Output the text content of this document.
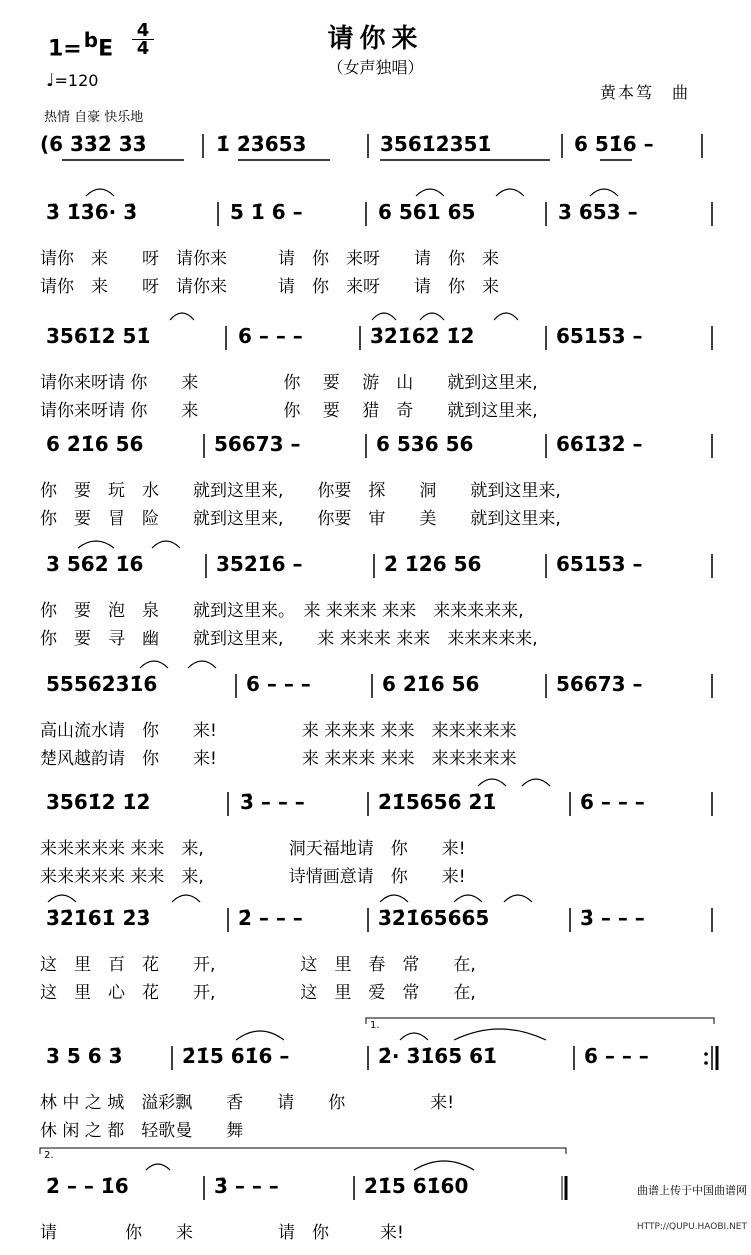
1= $^b$E
4
4	请你来
（女声独唱）
♩=120
黄本笃　曲
热情 自豪 快乐地
(6 3̇3̇2̇ 3̇3̇	1̇ 2̇3̇653	3561̇2̇351̇	6 51̇6 –
3̇ 1̇3̇6· 3̇	5 1̇ 6 –	6 561 65	3 653 –
请你　来　　呀　请你来　　　请　你　来呀　　请　你　来
请你　来　　呀　请你来　　　请　你　来呀　　请　你　来
3561̇2 51̇	6 – – –	3̇2̇1̇62̇ 1̇2̇	65153 –
请你来呀请 你　　来　　　　　你　 要　 游　山　　就到这里来,
请你来呀请 你　　来　　　　　你　 要　 猎　奇　　就到这里来,
6 2̇1̇6 56	56673 –	6 536 56	661̇3̇2̇ –
你　要　玩　水　　就到这里来,　　你要　探　　洞　　就到这里来,
你　要　冒　险　　就到这里来,　　你要　审　　美　　就到这里来,
3 562̇ 1̇6	352̇1̇6 –	2̇ 1̇2̇6 56	65153 –
你　要　泡　泉　　就到这里来。　来 来来来 来来　来来来来来,
你　要　寻　幽　　就到这里来,　　来 来来来 来来　来来来来来,
55562̇3̇1̇6	6 – – –	6 2̇1̇6 56	56673 –
高山流水请　你　　来!　　　　　来 来来来 来来　来来来来来
楚风越韵请　你　　来!　　　　　来 来来来 来来　来来来来来
3561̇2 1̇2̇	3̇ – – –	2̇1̇5656 2̇1̇	6 – – –
来来来来来 来来　来,　　　　　洞天福地请　你　　来!
来来来来来 来来　来,　　　　　诗情画意请　你　　来!
3̇2̇1̇61̇ 2̇3̇	2̇ – – –	3̇2̇1̇65665	3̇ – – –
这　里　百　花　　开,　　　　　这　里　春　常　　在,
这　里　心　花　　开,　　　　　这　里　爱　常　　在,
1.
3 5 6 3̇	2̇1̇5 61̇6 –	2̇· 3̇1̇65 61̇	6 – – –
林 中 之 城　溢彩飘　　香　　请　　你　　　　　来!
休 闲 之 都　轻歌曼　　舞
2.
2̇ – – 1̇6	3̇ – – –	2̇1̇5 61̇60
请　　　　你　　来　　　　　请　你　　　来!

曲谱上传于中国曲谱网

HTTP://QUPU.HAOBI.NET
